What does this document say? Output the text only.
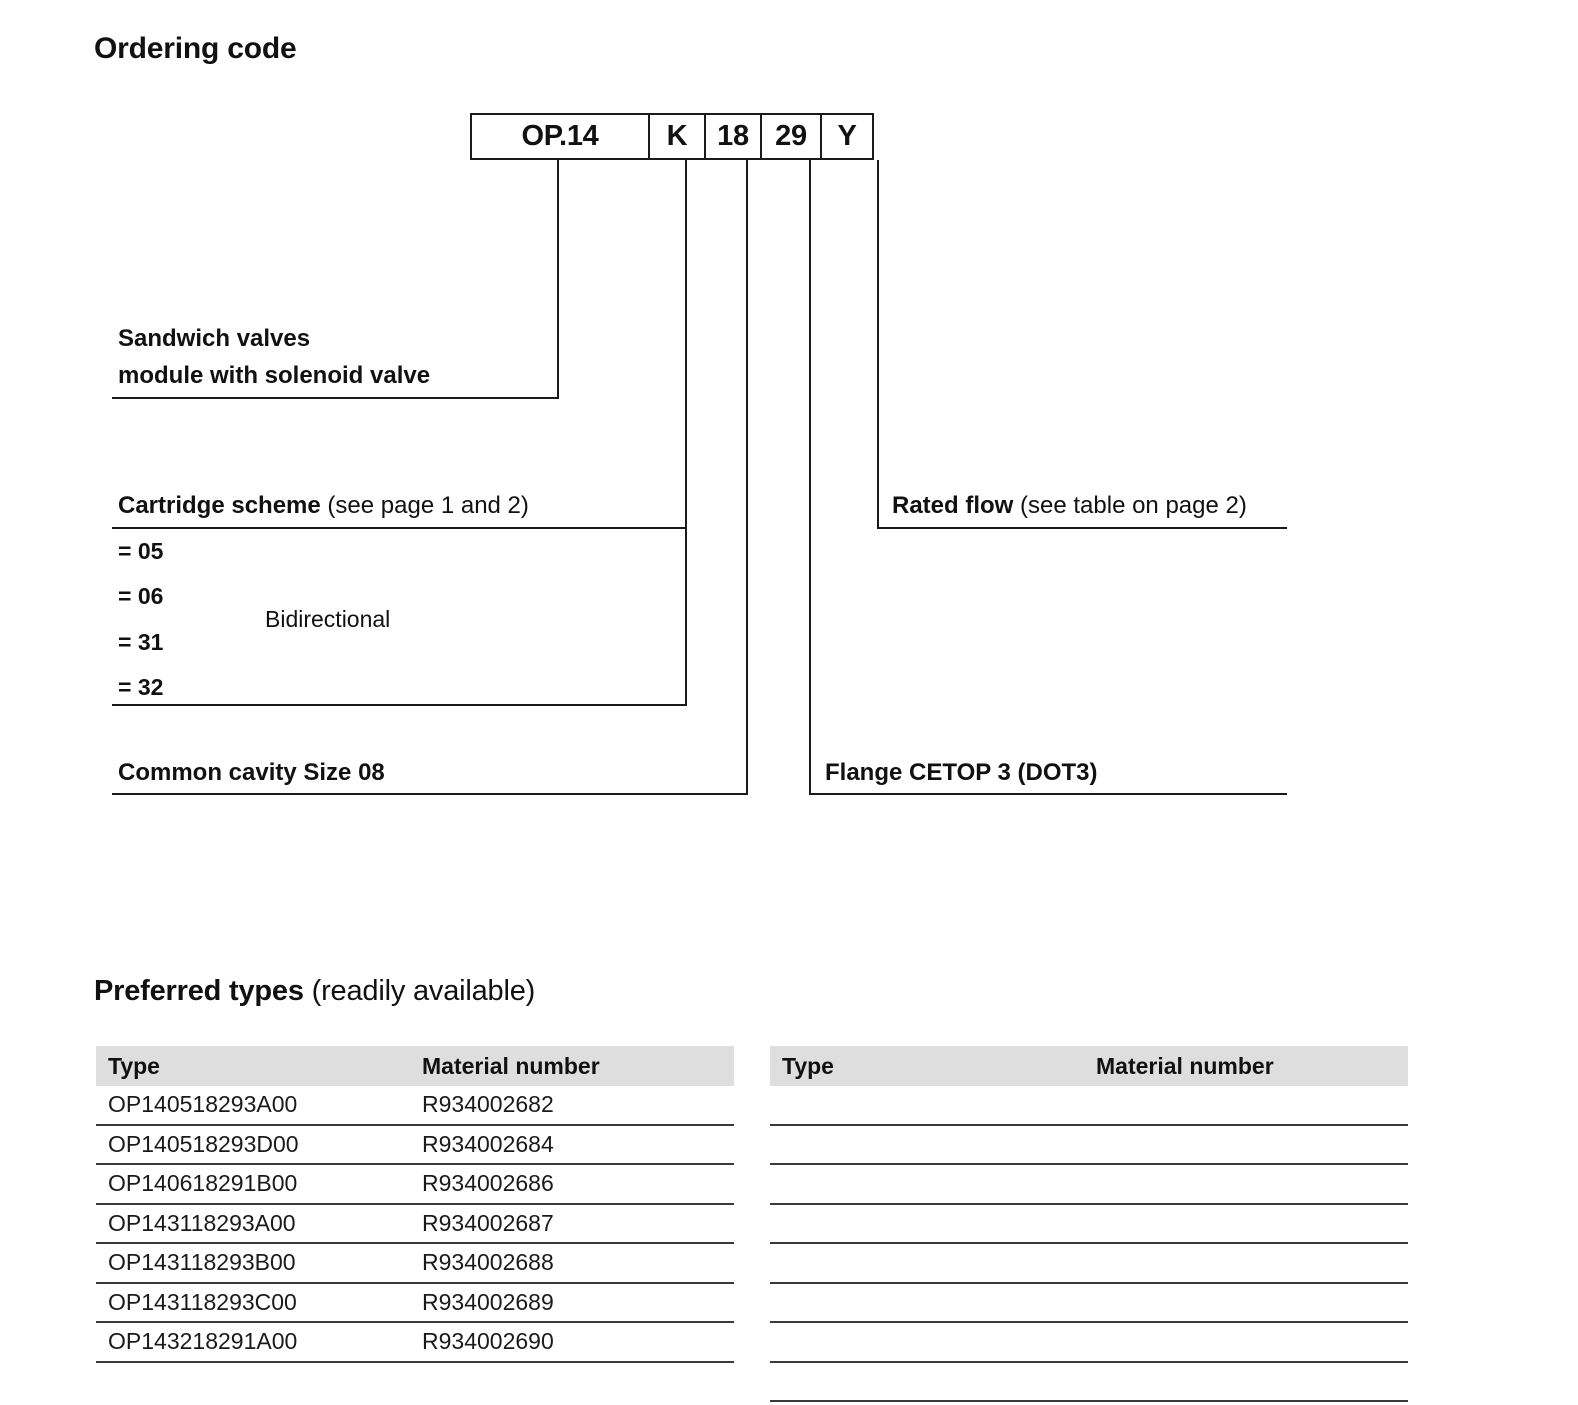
Ordering code
OP.14	K	18 29	Y
Sandwich valves
module with solenoid valve
Cartridge scheme (see page 1 and 2)
= 05
= 06
= 31
= 32
Bidirectional
Common cavity Size 08	Flange CETOP 3 (DOT3)
Rated flow (see table on page 2)
Preferred types (readily available)
Type	Material number
OP140518293A00	R934002682
OP140518293D00	R934002684
OP140618291B00	R934002686
OP143118293A00	R934002687
OP143118293B00	R934002688
OP143118293C00	R934002689
OP143218291A00	R934002690
Type	Material number
